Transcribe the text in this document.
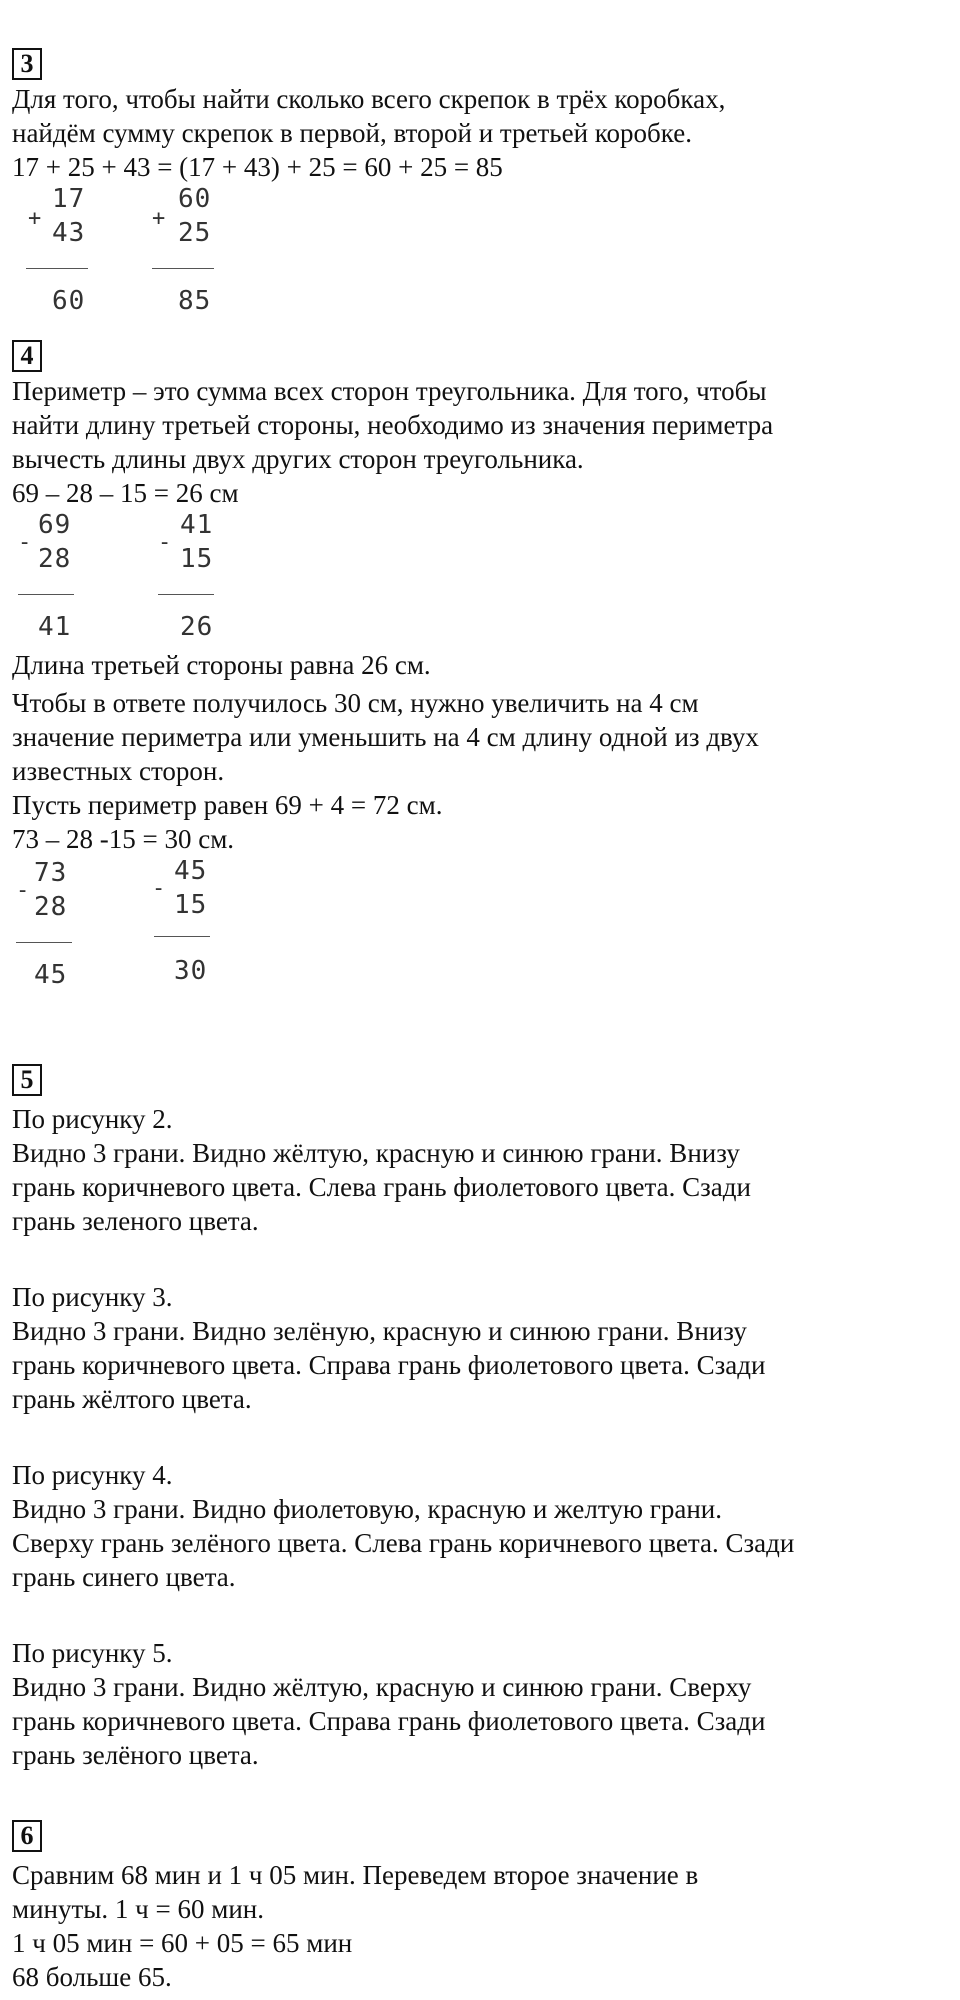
3
Для того, чтобы найти сколько всего скрепок в трёх коробках,
найдём сумму скрепок в первой, второй и третьей коробке.
17 + 25 + 43 = (17 + 43) + 25 = 60 + 25 = 85
+
17
43
60
+
60
25
85
4
Периметр – это сумма всех сторон треугольника. Для того, чтобы
найти длину третьей стороны, необходимо из значения периметра
вычесть длины двух других сторон треугольника.
69 – 28 – 15 = 26 см
-
69
28
41
-
41
15
26
Длина третьей стороны равна 26 см.
Чтобы в ответе получилось 30 см, нужно увеличить на 4 см
значение периметра или уменьшить на 4 см длину одной из двух
известных сторон.
Пусть периметр равен 69 + 4 = 72 см.
73 – 28 -15 = 30 см.
-
73
28
45
-
45
15
30
5
По рисунку 2.
Видно 3 грани. Видно жёлтую, красную и синюю грани. Внизу
грань коричневого цвета. Слева грань фиолетового цвета. Сзади
грань зеленого цвета.
По рисунку 3.
Видно 3 грани. Видно зелёную, красную и синюю грани. Внизу
грань коричневого цвета. Справа грань фиолетового цвета. Сзади
грань жёлтого цвета.
По рисунку 4.
Видно 3 грани. Видно фиолетовую, красную и желтую грани.
Сверху грань зелёного цвета. Слева грань коричневого цвета. Сзади
грань синего цвета.
По рисунку 5.
Видно 3 грани. Видно жёлтую, красную и синюю грани. Сверху
грань коричневого цвета. Справа грань фиолетового цвета. Сзади
грань зелёного цвета.
6
Сравним 68 мин и 1 ч 05 мин. Переведем второе значение в
минуты. 1 ч = 60 мин.
1 ч 05 мин = 60 + 05 = 65 мин
68 больше 65.
